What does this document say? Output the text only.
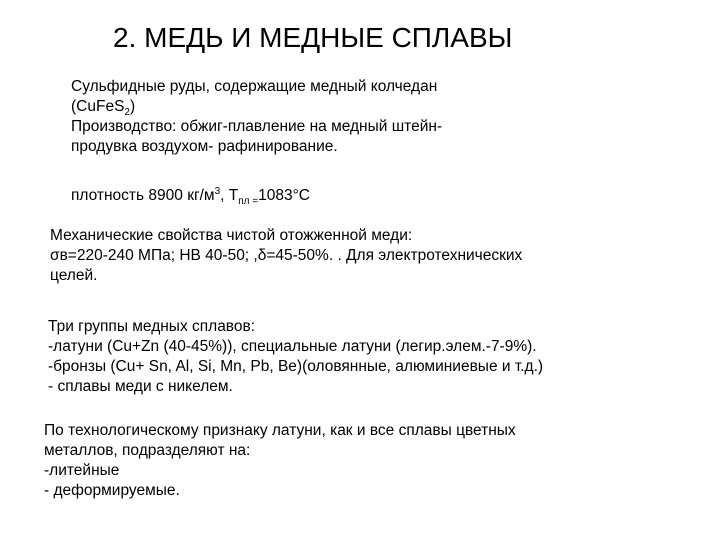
2. МЕДЬ И МЕДНЫЕ СПЛАВЫ
Сульфидные руды, содержащие медный колчедан
(CuFeS$_2$)
Производство: обжиг-плавление на медный штейн-
продувка воздухом- рафинирование.
плотность 8900 $кг/м^3$, $T_{пл =}1083^\circ С$
Механические свойства чистой отожженной меди:
σв=220-240 МПа; НВ 40-50; ,δ=45-50%. . Для электротехнических
целей.
Три группы медных сплавов:
-латуни (Cu+Zn (40-45%)), специальные латуни (легир.элем.-7-9%).
-бронзы (Cu+ Sn, Al, Si, Mn, Pb, Be)(оловянные, алюминиевые и т.д.)
- сплавы меди с никелем.
По технологическому признаку латуни, как и все сплавы цветных
металлов, подразделяют на:
-литейные
- деформируемые.
